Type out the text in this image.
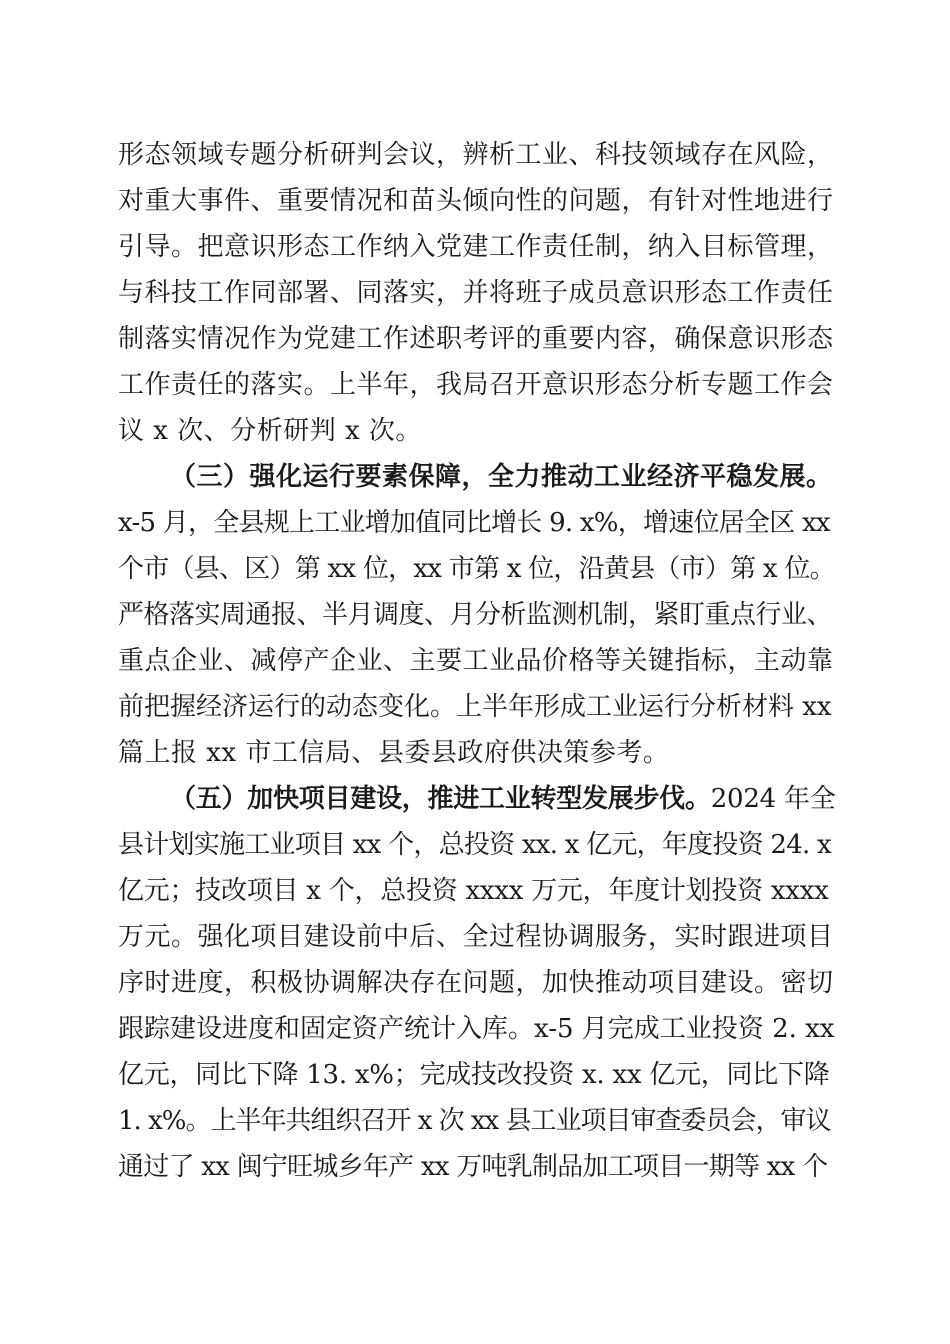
形态领域专题分析研判会议，辨析工业、科技领域存在风险，
对重大事件、重要情况和苗头倾向性的问题，有针对性地进行
引导。把意识形态工作纳入党建工作责任制，纳入目标管理，
与科技工作同部署、同落实，并将班子成员意识形态工作责任
制落实情况作为党建工作述职考评的重要内容，确保意识形态
工作责任的落实。上半年，我局召开意识形态分析专题工作会
议 x 次、分析研判 x 次。
（三）强化运行要素保障，全力推动工业经济平稳发展。
x-5 月，全县规上工业增加值同比增长 9. x%，增速位居全区 xx
个市（县、区）第 xx 位，xx 市第 x 位，沿黄县（市）第 x 位。
严格落实周通报、半月调度、月分析监测机制，紧盯重点行业、
重点企业、减停产企业、主要工业品价格等关键指标，主动靠
前把握经济运行的动态变化。上半年形成工业运行分析材料 xx
篇上报 xx 市工信局、县委县政府供决策参考。
（五）加快项目建设，推进工业转型发展步伐。2024 年全
县计划实施工业项目 xx 个，总投资 xx. x 亿元，年度投资 24. x
亿元；技改项目 x 个，总投资 xxxx 万元，年度计划投资 xxxx
万元。强化项目建设前中后、全过程协调服务，实时跟进项目
序时进度，积极协调解决存在问题，加快推动项目建设。密切
跟踪建设进度和固定资产统计入库。x-5 月完成工业投资 2. xx
亿元，同比下降 13. x%；完成技改投资 x. xx 亿元，同比下降
1. x%。上半年共组织召开 x 次 xx 县工业项目审查委员会，审议
通过了 xx 闽宁旺城乡年产 xx 万吨乳制品加工项目一期等 xx 个
